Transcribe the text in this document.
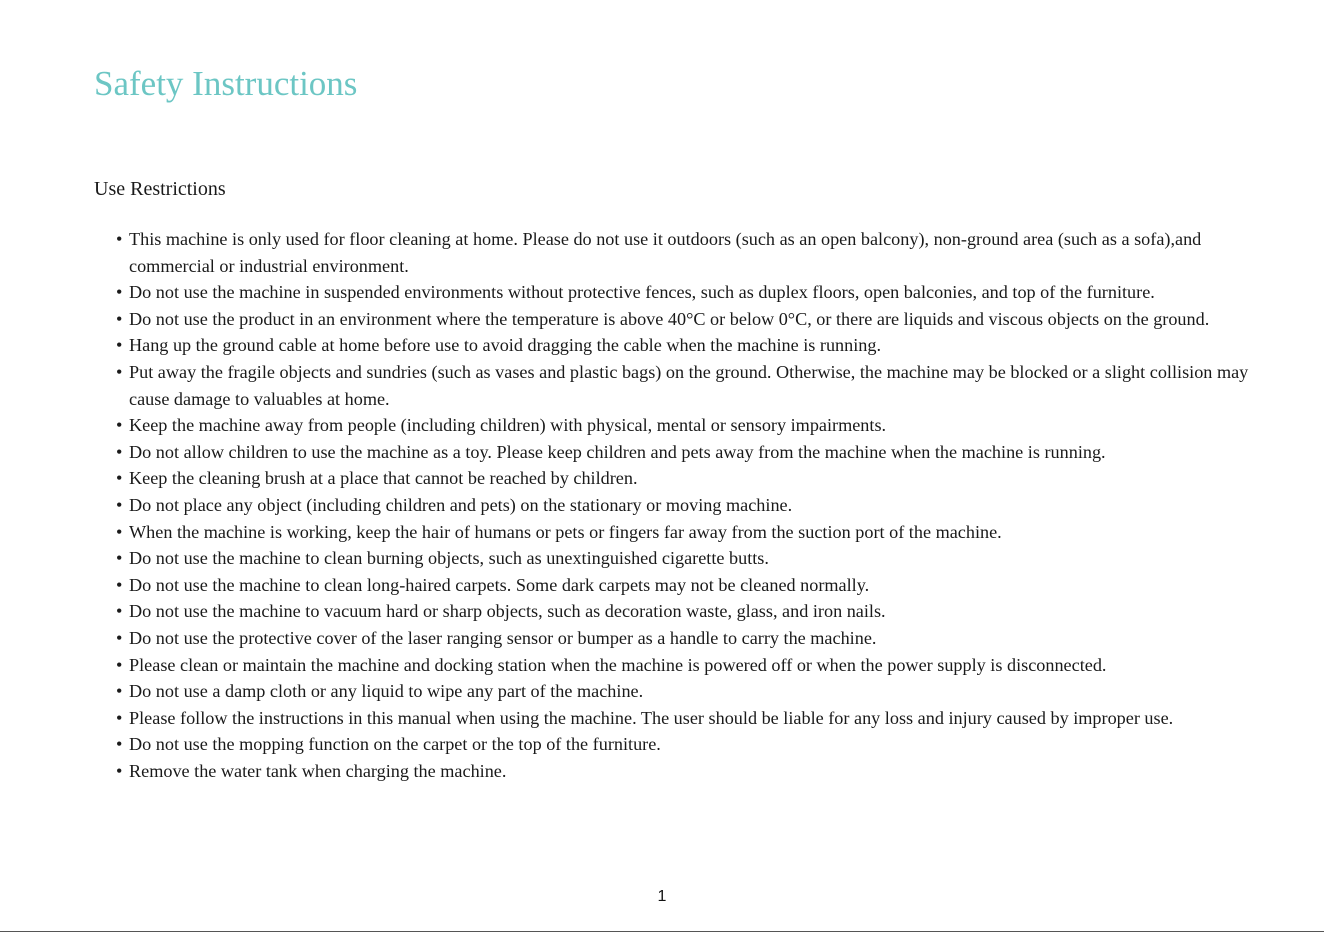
Safety Instructions
Use Restrictions
• This machine is only used for floor cleaning at home. Please do not use it outdoors (such as an open balcony), non-ground area (such as a sofa),and commercial or industrial environment.
• Do not use the machine in suspended environments without protective fences, such as duplex floors, open balconies, and top of the furniture.
• Do not use the product in an environment where the temperature is above 40°C or below 0°C, or there are liquids and viscous objects on the ground.
• Hang up the ground cable at home before use to avoid dragging the cable when the machine is running.
• Put away the fragile objects and sundries (such as vases and plastic bags) on the ground. Otherwise, the machine may be blocked or a slight collision may cause damage to valuables at home.
• Keep the machine away from people (including children) with physical, mental or sensory impairments.
• Do not allow children to use the machine as a toy. Please keep children and pets away from the machine when the machine is running.
• Keep the cleaning brush at a place that cannot be reached by children.
• Do not place any object (including children and pets) on the stationary or moving machine.
• When the machine is working, keep the hair of humans or pets or fingers far away from the suction port of the machine.
• Do not use the machine to clean burning objects, such as unextinguished cigarette butts.
• Do not use the machine to clean long-haired carpets. Some dark carpets may not be cleaned normally.
• Do not use the machine to vacuum hard or sharp objects, such as decoration waste, glass, and iron nails.
• Do not use the protective cover of the laser ranging sensor or bumper as a handle to carry the machine.
• Please clean or maintain the machine and docking station when the machine is powered off or when the power supply is disconnected.
• Do not use a damp cloth or any liquid to wipe any part of the machine.
• Please follow the instructions in this manual when using the machine. The user should be liable for any loss and injury caused by improper use.
• Do not use the mopping function on the carpet or the top of the furniture.
• Remove the water tank when charging the machine.
1
